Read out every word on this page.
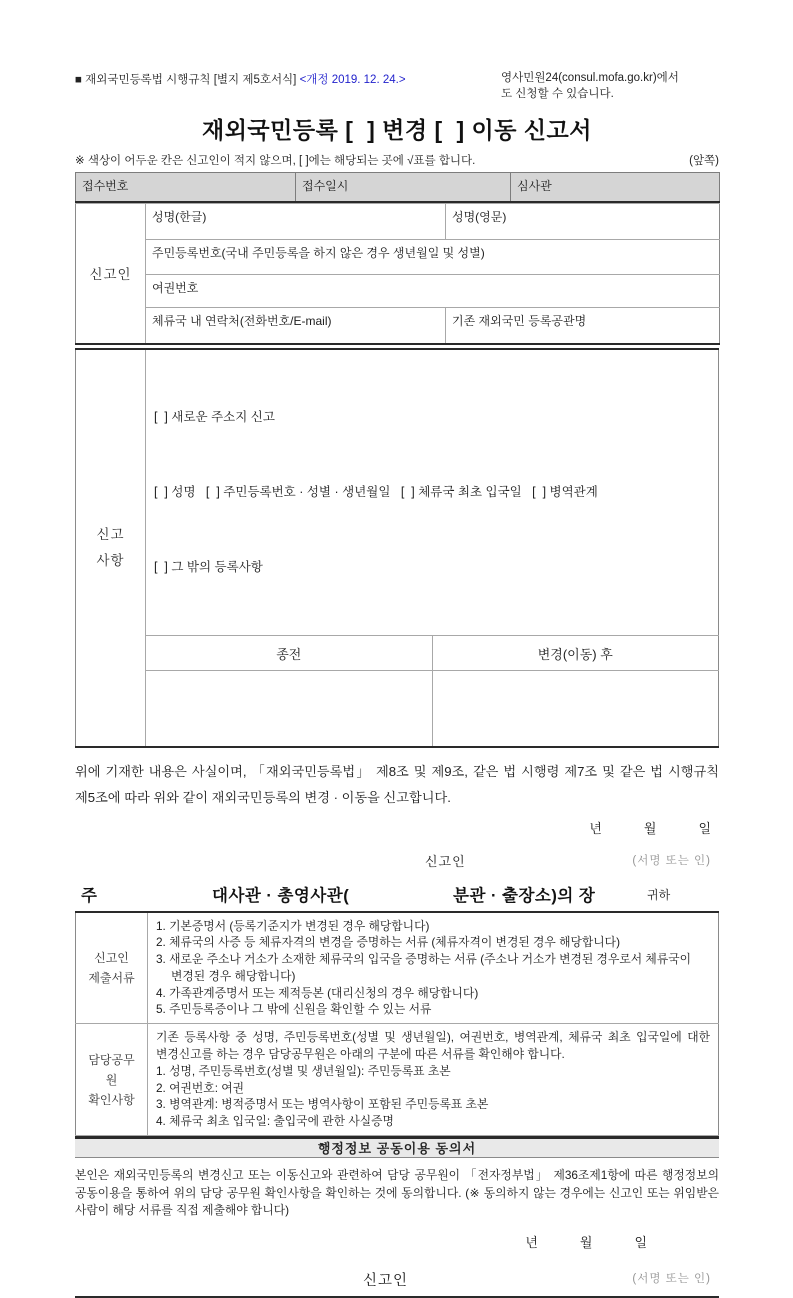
■ 재외국민등록법 시행규칙 [별지 제5호서식] <개정 2019. 12. 24.>	영사민원24(consul.mofa.go.kr)에서
도 신청할 수 있습니다.
재외국민등록 [  ] 변경 [  ] 이동 신고서
※ 색상이 어두운 칸은 신고인이 적지 않으며, [ ]에는 해당되는 곳에 √표를 합니다.	(앞쪽)
접수번호	접수일시	심사관
신고인	성명(한글)	성명(영문)
	주민등록번호(국내 주민등록을 하지 않은 경우 생년월일 및 성별)	
	여권번호	
	체류국 내 연락처(전화번호/E-mail)	기존 재외국민 등록공관명
신고
사항

[  ] 새로운 주소지 신고

[  ] 성명   [  ] 주민등록번호 · 성별 · 생년월일   [  ] 체류국 최초 입국일   [  ] 병역관계

[  ] 그 밖의 등록사항

	종전	변경(이동) 후

위에 기재한 내용은 사실이며, 「재외국민등록법」 제8조 및 제9조, 같은 법 시행령 제7조 및 같은 법 시행규칙 제5조에 따라 위와 같이 재외국민등록의 변경 · 이동을 신고합니다.
년	월	일
신고인	(서명 또는 인)
주	대사관 · 총영사관(	분관 · 출장소)의 장	귀하
신고인
제출서류

1. 기본증명서 (등록기준지가 변경된 경우 해당합니다)
2. 체류국의 사증 등 체류자격의 변경을 증명하는 서류 (체류자격이 변경된 경우 해당합니다)
3. 새로운 주소나 거소가 소재한 체류국의 입국을 증명하는 서류 (주소나 거소가 변경된 경우로서 체류국이 변경된 경우 해당합니다)
4. 가족관계증명서 또는 제적등본 (대리신청의 경우 해당합니다)
5. 주민등록증이나 그 밖에 신원을 확인할 수 있는 서류

담당공무원
확인사항

기존 등록사항 중 성명, 주민등록번호(성별 및 생년월일), 여권번호, 병역관계, 체류국 최초 입국일에 대한 변경신고를 하는 경우 담당공무원은 아래의 구분에 따른 서류를 확인해야 합니다.
1. 성명, 주민등록번호(성별 및 생년월일): 주민등록표 초본
2. 여권번호: 여권
3. 병역관계: 병적증명서 또는 병역사항이 포함된 주민등록표 초본
4. 체류국 최초 입국일: 출입국에 관한 사실증명
행정정보 공동이용 동의서
본인은 재외국민등록의 변경신고 또는 이동신고와 관련하여 담당 공무원이 「전자정부법」 제36조제1항에 따른 행정정보의 공동이용을 통하여 위의 담당 공무원 확인사항을 확인하는 것에 동의합니다. (※ 동의하지 않는 경우에는 신고인 또는 위임받은 사람이 해당 서류를 직접 제출해야 합니다)
년	월	일
신고인	(서명 또는 인)
